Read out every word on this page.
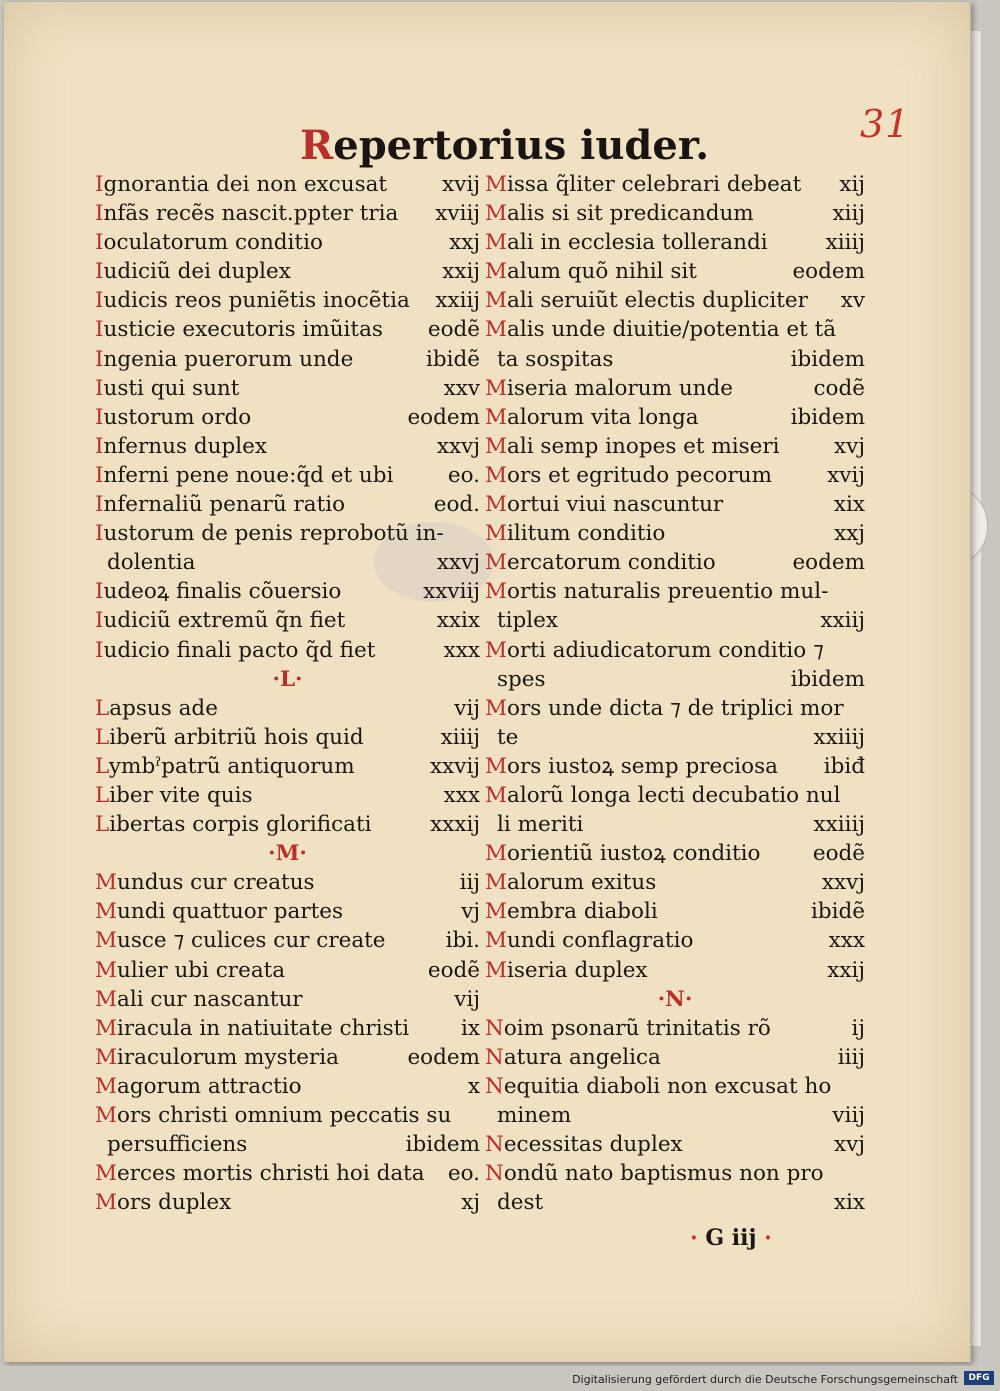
31
Repertorius iuder.
Ignorantia dei non excusat	xvij
Infãs recẽs nascit.ppter tria xviij
Ioculatorum conditio	xxj
Iudiciũ dei duplex	xxij
Iudicis reos puniẽtis inocẽtia xxiij
Iusticie executoris imũitas eodẽ
Ingenia puerorum unde	ibidẽ
Iusti qui sunt	xxv
Iustorum ordo	eodem
Infernus duplex	xxvj
Inferni pene noue:q̃d et ubi	eo.
Infernaliũ penarũ ratio	eod.
Iustorum de penis reprobotũ in-
dolentia	xxvj
Iudeoꝝ finalis cõuersio	xxviij
Iudiciũ extremũ q̃n fiet	xxix
Iudicio finali pacto q̃d fiet	xxx
·L·
Lapsus ade	vij
Liberũ arbitriũ hois quid	xiiij
Lymbˀpatrũ antiquorum	xxvij
Liber vite quis	xxx
Libertas corpis glorificati	xxxij
·M·
Mundus cur creatus	iij
Mundi quattuor partes	vj
Musce ⁊ culices cur create	ibi.
Mulier ubi creata	eodẽ
Mali cur nascantur	vij
Miracula in natiuitate christi ix
Miraculorum mysteria	eodem
Magorum attractio	x
Mors christi omnium peccatis su
persufficiens	ibidem
Merces mortis christi hoi data eo.
Mors duplex	xj
Missa q̃liter celebrari debeat xij
Malis si sit predicandum	xiij
Mali in ecclesia tollerandi	xiiij
Malum quõ nihil sit	eodem
Mali seruiũt electis dupliciter xv
Malis unde diuitie/potentia et tã
ta sospitas	ibidem
Miseria malorum unde	codẽ
Malorum vita longa	ibidem
Mali semp inopes et miseri	xvj
Mors et egritudo pecorum	xvij
Mortui viui nascuntur	xix
Militum conditio	xxj
Mercatorum conditio	eodem
Mortis naturalis preuentio mul-
tiplex	xxiij
Morti adiudicatorum conditio ⁊
spes	ibidem
Mors unde dicta ⁊ de triplici mor
te	xxiiij
Mors iustoꝝ semp preciosa ibiđ
Malorũ longa lecti decubatio nul
li meriti	xxiiij
Morientiũ iustoꝝ conditio eodẽ
Malorum exitus	xxvj
Membra diaboli	ibidẽ
Mundi conflagratio	xxx
Miseria duplex	xxij
·N·
Noim psonarũ trinitatis rõ	ij
Natura angelica	iiij
Nequitia diaboli non excusat ho
minem	viij
Necessitas duplex	xvj
Nondũ nato baptismus non pro
dest	xix
· G iij ·
Digitalisierung gefördert durch die Deutsche Forschungsgemeinschaft	DFG
